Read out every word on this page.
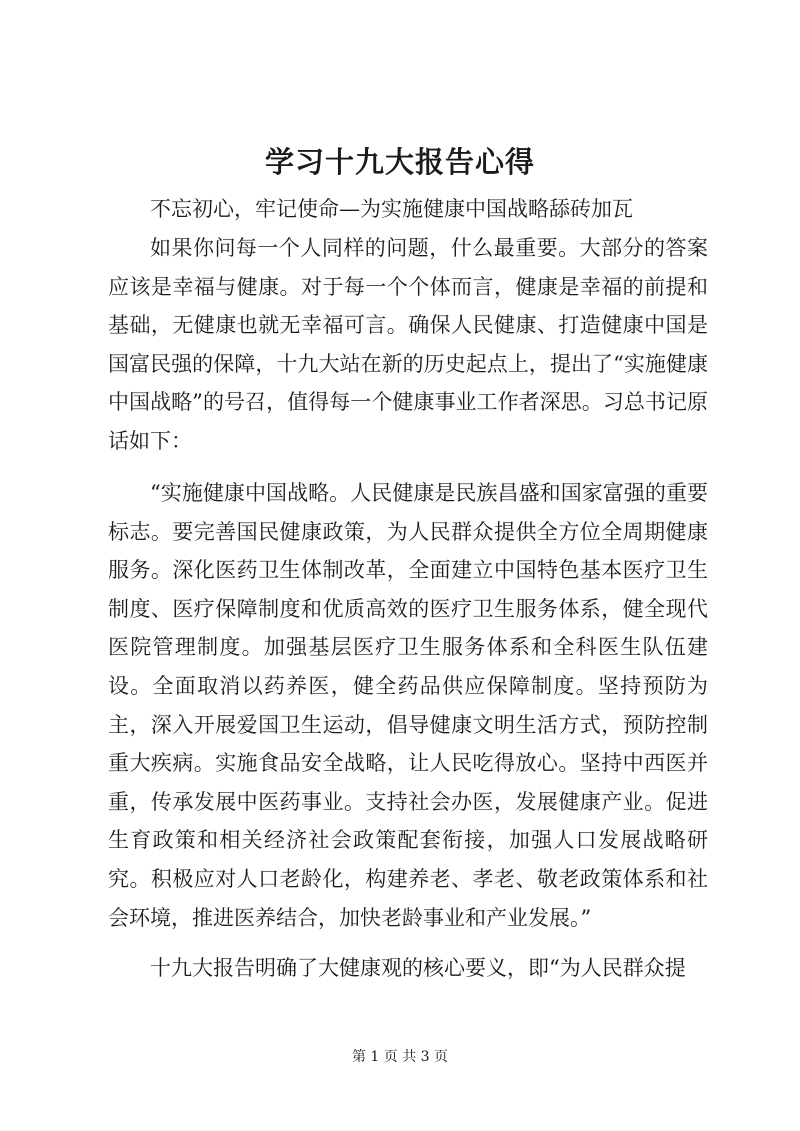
学习十九大报告心得
不忘初心，牢记使命—为实施健康中国战略舔砖加瓦

如果你问每一个人同样的问题，什么最重要。大部分的答案应该是幸福与健康。对于每一个个体而言，健康是幸福的前提和基础，无健康也就无幸福可言。确保人民健康、打造健康中国是国富民强的保障，十九大站在新的历史起点上，提出了“实施健康中国战略”的号召，值得每一个健康事业工作者深思。习总书记原话如下：

“实施健康中国战略。人民健康是民族昌盛和国家富强的重要标志。要完善国民健康政策，为人民群众提供全方位全周期健康服务。深化医药卫生体制改革，全面建立中国特色基本医疗卫生制度、医疗保障制度和优质高效的医疗卫生服务体系，健全现代医院管理制度。加强基层医疗卫生服务体系和全科医生队伍建设。全面取消以药养医，健全药品供应保障制度。坚持预防为主，深入开展爱国卫生运动，倡导健康文明生活方式，预防控制重大疾病。实施食品安全战略，让人民吃得放心。坚持中西医并重，传承发展中医药事业。支持社会办医，发展健康产业。促进生育政策和相关经济社会政策配套衔接，加强人口发展战略研究。积极应对人口老龄化，构建养老、孝老、敬老政策体系和社会环境，推进医养结合，加快老龄事业和产业发展。”

十九大报告明确了大健康观的核心要义，即“为人民群众提

第 1 页 共 3 页
